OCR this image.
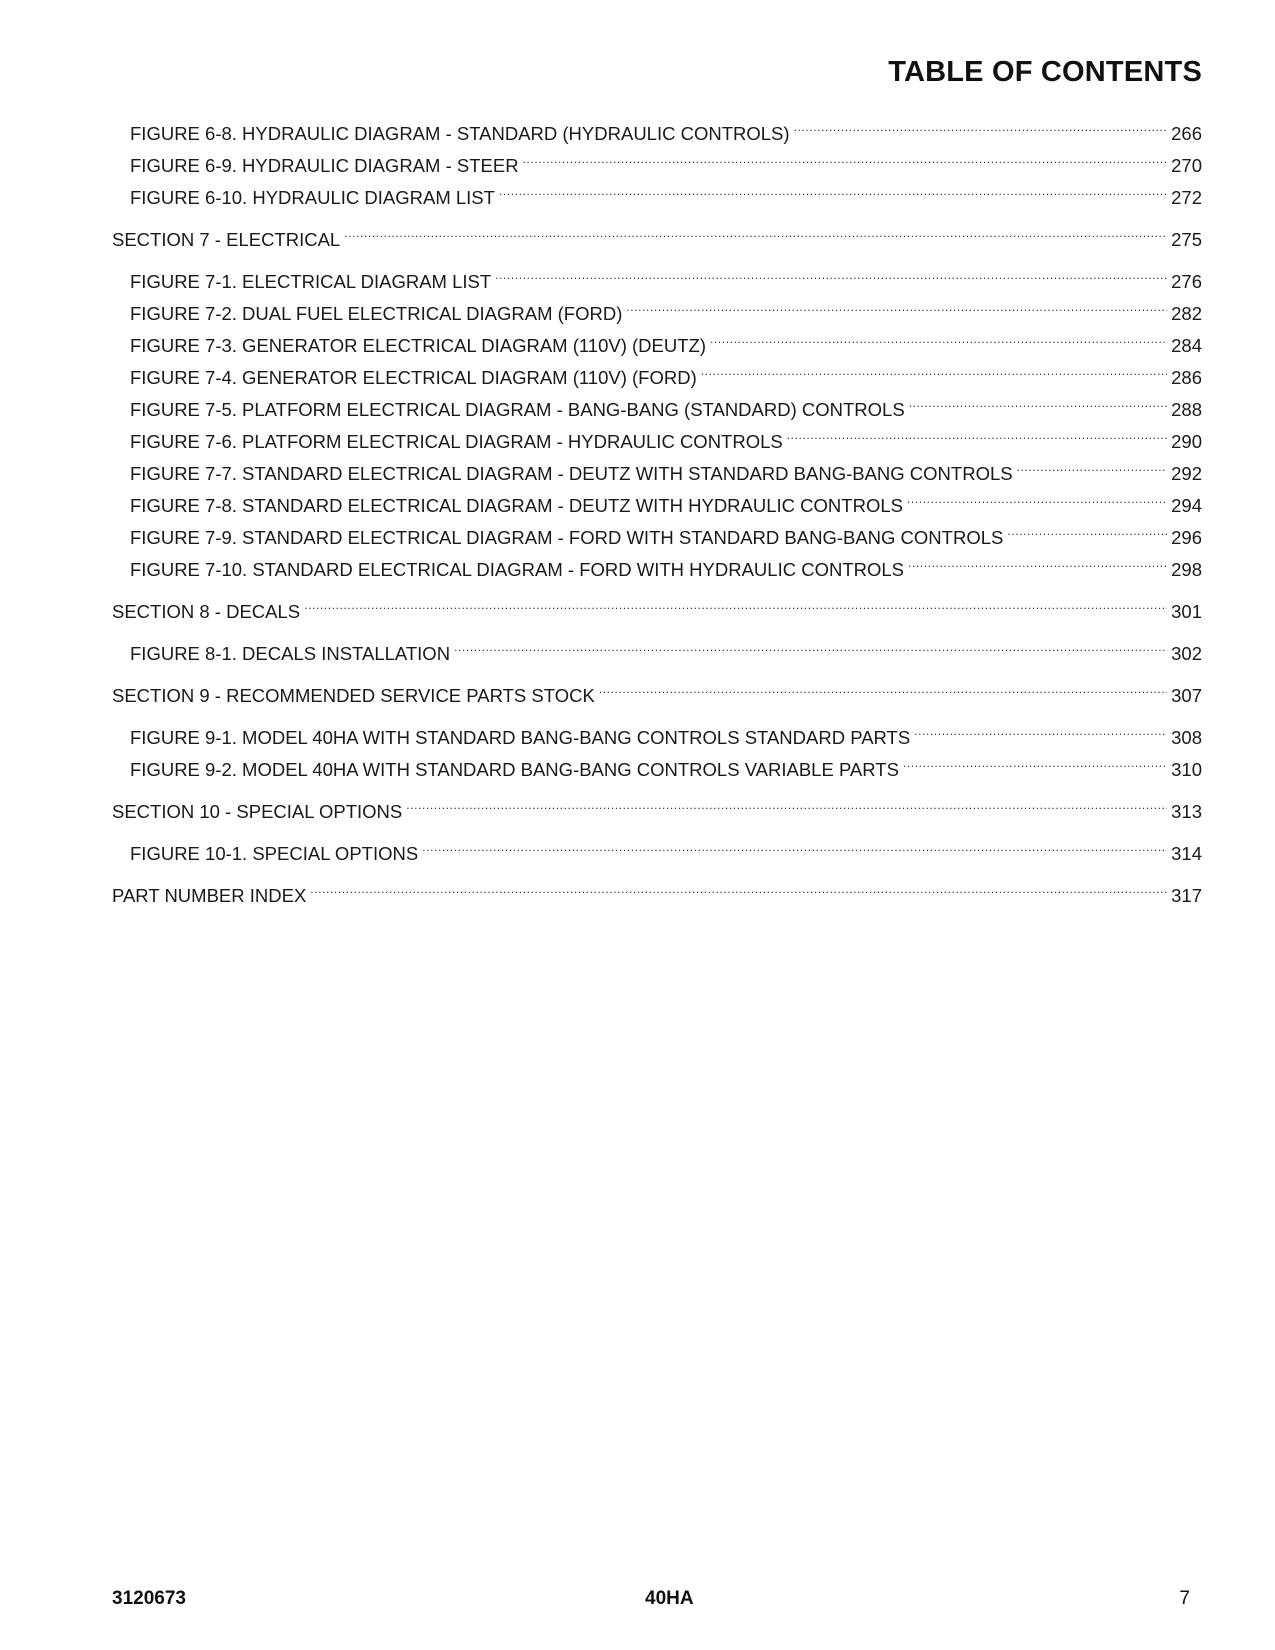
TABLE OF CONTENTS
FIGURE 6-8. HYDRAULIC DIAGRAM - STANDARD (HYDRAULIC CONTROLS) .....	266
FIGURE 6-9. HYDRAULIC DIAGRAM - STEER .....	270
FIGURE 6-10. HYDRAULIC DIAGRAM LIST .....	272
SECTION 7 - ELECTRICAL .....	275
FIGURE 7-1. ELECTRICAL DIAGRAM LIST .....	276
FIGURE 7-2. DUAL FUEL ELECTRICAL DIAGRAM (FORD) .....	282
FIGURE 7-3. GENERATOR ELECTRICAL DIAGRAM (110V) (DEUTZ) .....	284
FIGURE 7-4. GENERATOR ELECTRICAL DIAGRAM (110V) (FORD) .....	286
FIGURE 7-5. PLATFORM ELECTRICAL DIAGRAM - BANG-BANG (STANDARD) CONTROLS .....	288
FIGURE 7-6. PLATFORM ELECTRICAL DIAGRAM - HYDRAULIC CONTROLS .....	290
FIGURE 7-7. STANDARD ELECTRICAL DIAGRAM - DEUTZ WITH STANDARD BANG-BANG CONTROLS .....	292
FIGURE 7-8. STANDARD ELECTRICAL DIAGRAM - DEUTZ WITH HYDRAULIC CONTROLS .....	294
FIGURE 7-9. STANDARD ELECTRICAL DIAGRAM - FORD WITH STANDARD BANG-BANG CONTROLS .....	296
FIGURE 7-10. STANDARD ELECTRICAL DIAGRAM - FORD WITH HYDRAULIC CONTROLS .....	298
SECTION 8 - DECALS .....	301
FIGURE 8-1. DECALS INSTALLATION .....	302
SECTION 9 - RECOMMENDED SERVICE PARTS STOCK .....	307
FIGURE 9-1. MODEL 40HA WITH STANDARD BANG-BANG CONTROLS STANDARD PARTS .....	308
FIGURE 9-2. MODEL 40HA WITH STANDARD BANG-BANG CONTROLS VARIABLE PARTS .....	310
SECTION 10 - SPECIAL OPTIONS .....	313
FIGURE 10-1. SPECIAL OPTIONS .....	314
PART NUMBER INDEX .....	317
3120673	40HA	7
